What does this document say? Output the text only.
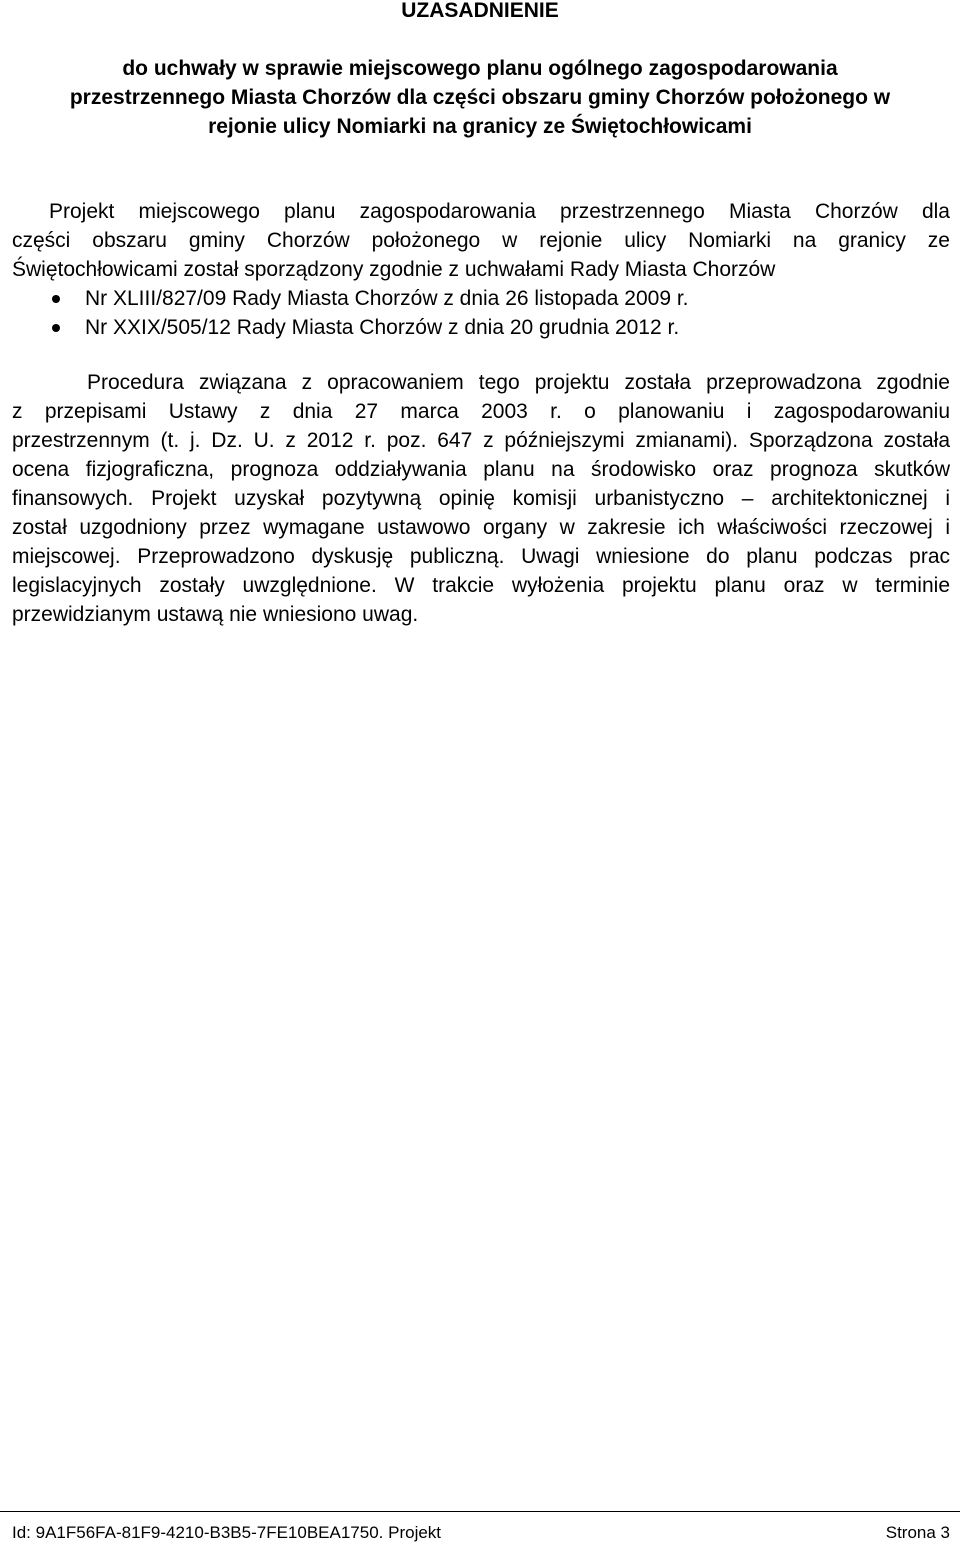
UZASADNIENIE
do uchwały w sprawie miejscowego planu ogólnego zagospodarowania
przestrzennego Miasta Chorzów dla części obszaru gminy Chorzów położonego w
rejonie ulicy Nomiarki na granicy ze Świętochłowicami
Projekt miejscowego planu zagospodarowania przestrzennego Miasta Chorzów dla
części obszaru gminy Chorzów położonego w rejonie ulicy Nomiarki na granicy ze
Świętochłowicami został sporządzony zgodnie z uchwałami Rady Miasta Chorzów
Nr XLIII/827/09 Rady Miasta Chorzów z dnia 26 listopada 2009 r.
Nr XXIX/505/12 Rady Miasta Chorzów z dnia 20 grudnia 2012 r.
Procedura związana z opracowaniem tego projektu została przeprowadzona zgodnie
z przepisami Ustawy z dnia 27 marca 2003 r. o planowaniu i zagospodarowaniu
przestrzennym (t. j. Dz. U. z 2012 r. poz. 647 z późniejszymi zmianami). Sporządzona została
ocena fizjograficzna, prognoza oddziaływania planu na środowisko oraz prognoza skutków
finansowych. Projekt uzyskał pozytywną opinię komisji urbanistyczno – architektonicznej i
został uzgodniony przez wymagane ustawowo organy w zakresie ich właściwości rzeczowej i
miejscowej. Przeprowadzono dyskusję publiczną. Uwagi wniesione do planu podczas prac
legislacyjnych zostały uwzględnione. W trakcie wyłożenia projektu planu oraz w terminie
przewidzianym ustawą nie wniesiono uwag.
Id: 9A1F56FA-81F9-4210-B3B5-7FE10BEA1750. Projekt	Strona 3
